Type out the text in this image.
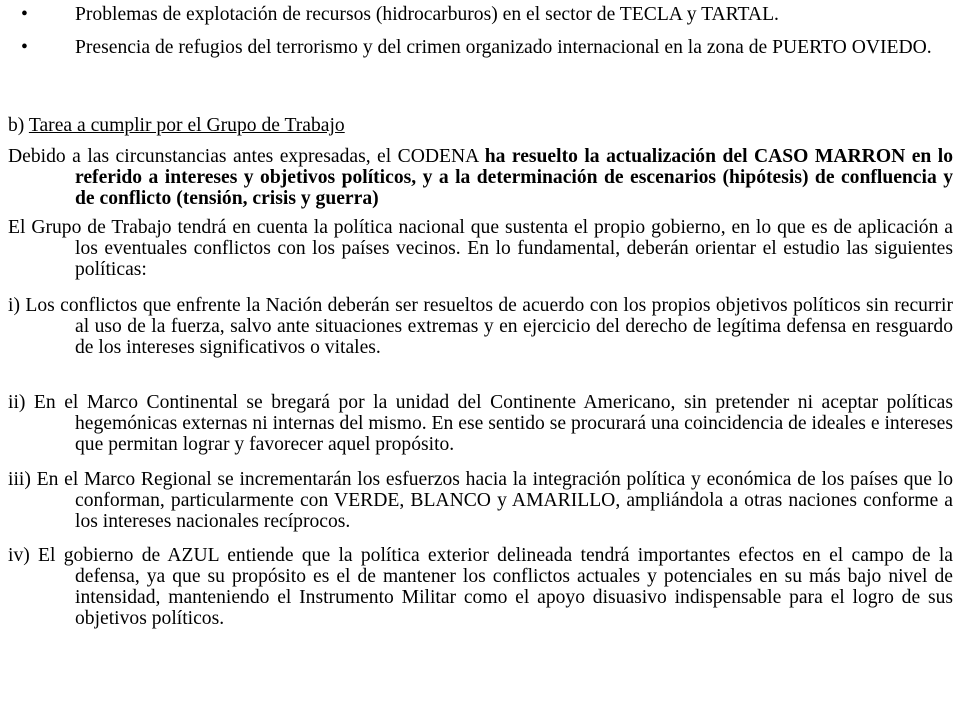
• Problemas de explotación de recursos (hidrocarburos) en el sector de TECLA y TARTAL.
• Presencia de refugios del terrorismo y del crimen organizado internacional en la zona de PUERTO OVIEDO.
b) Tarea a cumplir por el Grupo de Trabajo
Debido a las circunstancias antes expresadas, el CODENA ha resuelto la actualización del CASO MARRON en lo referido a intereses y objetivos políticos, y a la determinación de escenarios (hipótesis) de confluencia y de conflicto (tensión, crisis y guerra)
El Grupo de Trabajo tendrá en cuenta la política nacional que sustenta el propio gobierno, en lo que es de aplicación a los eventuales conflictos con los países vecinos. En lo fundamental, deberán orientar el estudio las siguientes políticas:
i) Los conflictos que enfrente la Nación deberán ser resueltos de acuerdo con los propios objetivos políticos sin recurrir al uso de la fuerza, salvo ante situaciones extremas y en ejercicio del derecho de legítima defensa en resguardo de los intereses significativos o vitales.
ii) En el Marco Continental se bregará por la unidad del Continente Americano, sin pretender ni aceptar políticas hegemónicas externas ni internas del mismo. En ese sentido se procurará una coincidencia de ideales e intereses que permitan lograr y favorecer aquel propósito.
iii) En el Marco Regional se incrementarán los esfuerzos hacia la integración política y económica de los países que lo conforman, particularmente con VERDE, BLANCO y AMARILLO, ampliándola a otras naciones conforme a los intereses nacionales recíprocos.
iv) El gobierno de AZUL entiende que la política exterior delineada tendrá importantes efectos en el campo de la defensa, ya que su propósito es el de mantener los conflictos actuales y potenciales en su más bajo nivel de intensidad, manteniendo el Instrumento Militar como el apoyo disuasivo indispensable para el logro de sus objetivos políticos.
